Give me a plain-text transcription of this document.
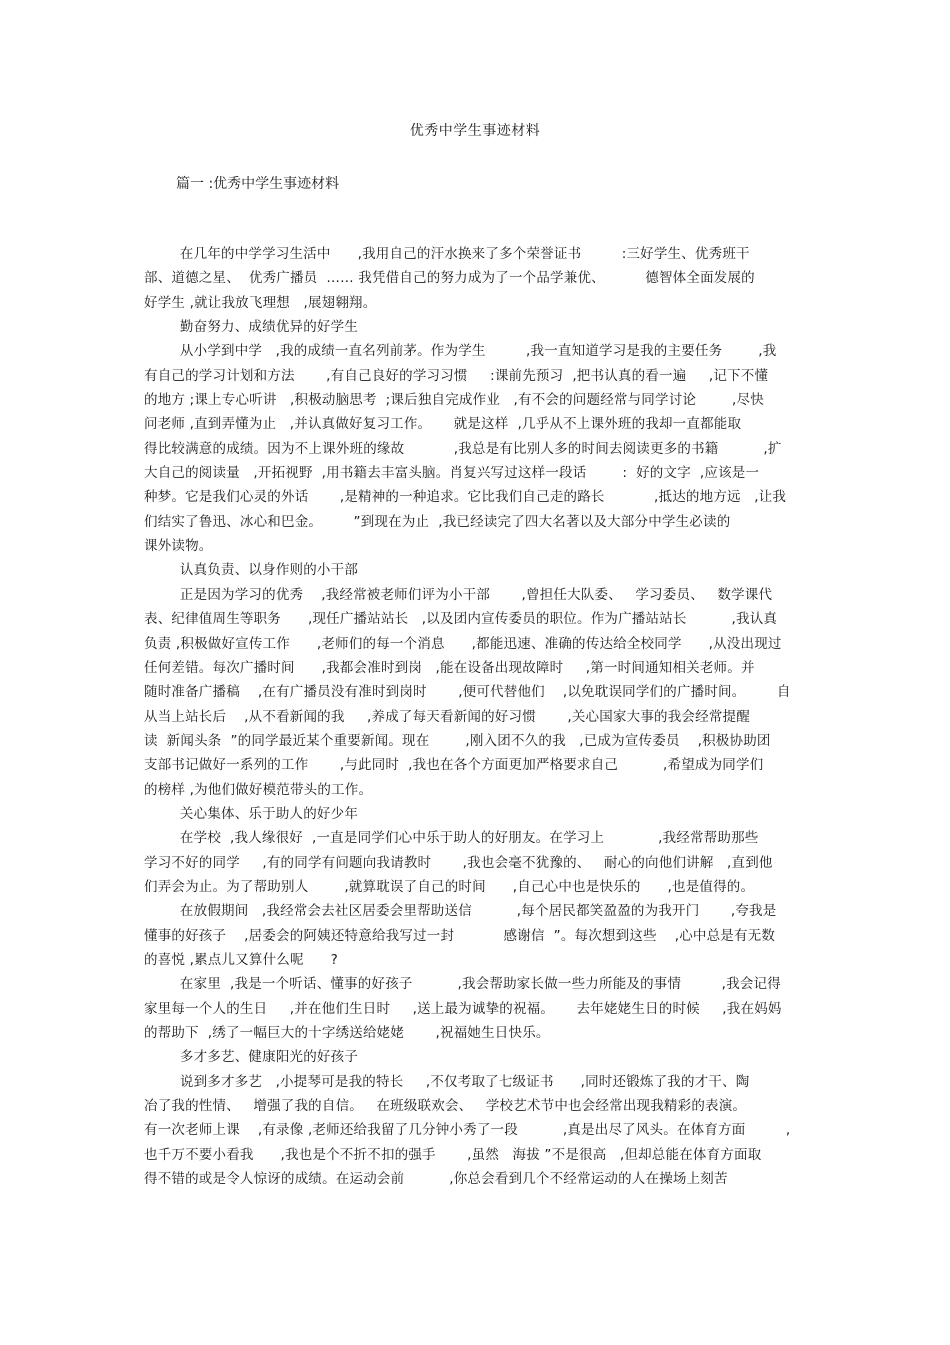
优秀中学生事迹材料
篇一 :优秀中学生事迹材料
在几年的中学学习生活中      ,我用自己的汗水换来了多个荣誉证书         :三好学生、优秀班干
部、道德之星、  优秀广播员  …… 我凭借自己的努力成为了一个品学兼优、         德智体全面发展的
好学生 ,就让我放飞理想   ,展翅翱翔。
勤奋努力、成绩优异的好学生
从小学到中学   ,我的成绩一直名列前茅。作为学生         ,我一直知道学习是我的主要任务        ,我
有自己的学习计划和方法       ,有自己良好的学习习惯     :课前先预习  ,把书认真的看一遍     ,记下不懂
的地方 ;课上专心听讲   ,积极动脑思考  ;课后独自完成作业   ,有不会的问题经常与同学讨论        ,尽快
问老师 ,直到弄懂为止   ,并认真做好复习工作。     就是这样  ,几乎从不上课外班的我却一直都能取
得比较满意的成绩。因为不上课外班的缘故           ,我总是有比别人多的时间去阅读更多的书籍          ,扩
大自己的阅读量   ,开拓视野  ,用书籍去丰富头脑。肖复兴写过这样一段话        :  好的文字  ,应该是一
种梦。它是我们心灵的外话       ,是精神的一种追求。它比我们自己走的路长           ,抵达的地方远   ,让我
们结实了鲁迅、冰心和巴金。       ”到现在为止  ,我已经读完了四大名著以及大部分中学生必读的
课外读物。
认真负责、以身作则的小干部
正是因为学习的优秀    ,我经常被老师们评为小干部       ,曾担任大队委、   学习委员、   数学课代
表、纪律值周生等职务      ,现任广播站站长   ,以及团内宣传委员的职位。作为广播站站长          ,我认真
负责 ,积极做好宣传工作      ,老师们的每一个消息      ,都能迅速、准确的传达给全校同学      ,从没出现过
任何差错。每次广播时间      ,我都会准时到岗   ,能在设备出现故障时     ,第一时间通知相关老师。并
随时准备广播稿    ,在有广播员没有准时到岗时       ,便可代替他们    ,以免耽误同学们的广播时间。       自
从当上站长后    ,从不看新闻的我     ,养成了每天看新闻的好习惯       ,关心国家大事的我会经常提醒
读  新闻头条  ”的同学最近某个重要新闻。现在        ,刚入团不久的我   ,已成为宣传委员    ,积极协助团
支部书记做好一系列的工作       ,与此同时  ,我也在各个方面更加严格要求自己          ,希望成为同学们
的榜样 ,为他们做好模范带头的工作。
关心集体、乐于助人的好少年
在学校  ,我人缘很好  ,一直是同学们心中乐于助人的好朋友。在学习上            ,我经常帮助那些
学习不好的同学     ,有的同学有问题向我请教时       ,我也会毫不犹豫的、   耐心的向他们讲解   ,直到他
们弄会为止。为了帮助别人        ,就算耽误了自己的时间      ,自己心中也是快乐的      ,也是值得的。
在放假期间   ,我经常会去社区居委会里帮助送信          ,每个居民都笑盈盈的为我开门       ,夸我是
懂事的好孩子    ,居委会的阿姨还特意给我写过一封           感谢信  ”。每次想到这些    ,心中总是有无数
的喜悦 ,累点儿又算什么呢      ?
在家里  ,我是一个听话、懂事的好孩子          ,我会帮助家长做一些力所能及的事情         ,我会记得
家里每一个人的生日     ,并在他们生日时     ,送上最为诚挚的祝福。     去年姥姥生日的时候     ,我在妈妈
的帮助下  ,绣了一幅巨大的十字绣送给姥姥       ,祝福她生日快乐。
多才多艺、健康阳光的好孩子
说到多才多艺   ,小提琴可是我的特长     ,不仅考取了七级证书      ,同时还锻炼了我的才干、陶
冶了我的性情、   增强了我的自信。   在班级联欢会、   学校艺术节中也会经常出现我精彩的表演。
有一次老师上课    ,有录像 ,老师还给我留了几分钟小秀了一段          ,真是出尽了风头。在体育方面         ,
也千万不要小看我      ,我也是个不折不扣的强手       ,虽然   海拔 ”不是很高   ,但却总能在体育方面取
得不错的或是令人惊讶的成绩。在运动会前          ,你总会看到几个不经常运动的人在操场上刻苦
